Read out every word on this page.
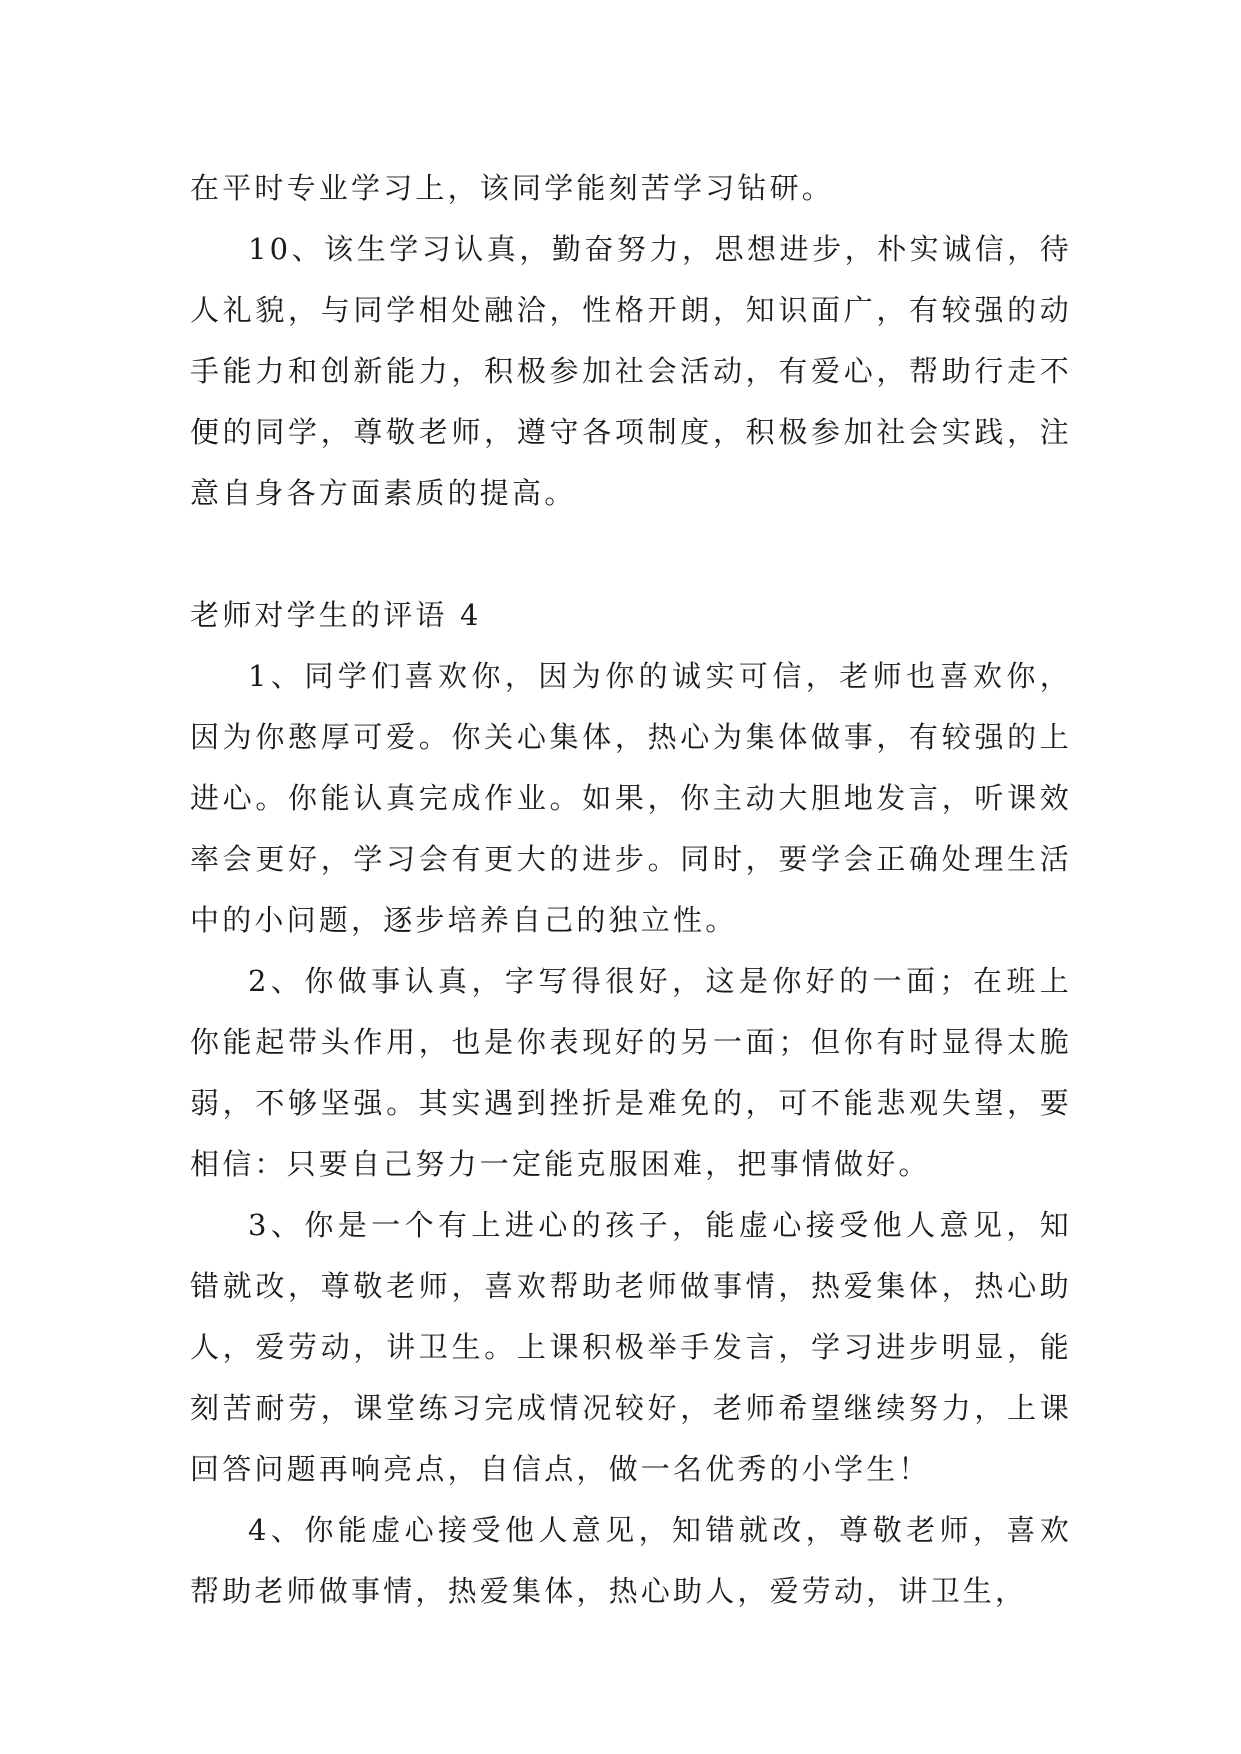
在平时专业学习上，该同学能刻苦学习钻研。

10、该生学习认真，勤奋努力，思想进步，朴实诚信，待人礼貌，与同学相处融洽，性格开朗，知识面广，有较强的动手能力和创新能力，积极参加社会活动，有爱心，帮助行走不便的同学，尊敬老师，遵守各项制度，积极参加社会实践，注意自身各方面素质的提高。

老师对学生的评语 4

1、同学们喜欢你，因为你的诚实可信，老师也喜欢你，因为你憨厚可爱。你关心集体，热心为集体做事，有较强的上进心。你能认真完成作业。如果，你主动大胆地发言，听课效率会更好，学习会有更大的进步。同时，要学会正确处理生活中的小问题，逐步培养自己的独立性。

2、你做事认真，字写得很好，这是你好的一面；在班上你能起带头作用，也是你表现好的另一面；但你有时显得太脆弱，不够坚强。其实遇到挫折是难免的，可不能悲观失望，要相信：只要自己努力一定能克服困难，把事情做好。

3、你是一个有上进心的孩子，能虚心接受他人意见，知错就改，尊敬老师，喜欢帮助老师做事情，热爱集体，热心助人，爱劳动，讲卫生。上课积极举手发言，学习进步明显，能刻苦耐劳，课堂练习完成情况较好，老师希望继续努力，上课回答问题再响亮点，自信点，做一名优秀的小学生！

4、你能虚心接受他人意见，知错就改，尊敬老师，喜欢帮助老师做事情，热爱集体，热心助人，爱劳动，讲卫生，
